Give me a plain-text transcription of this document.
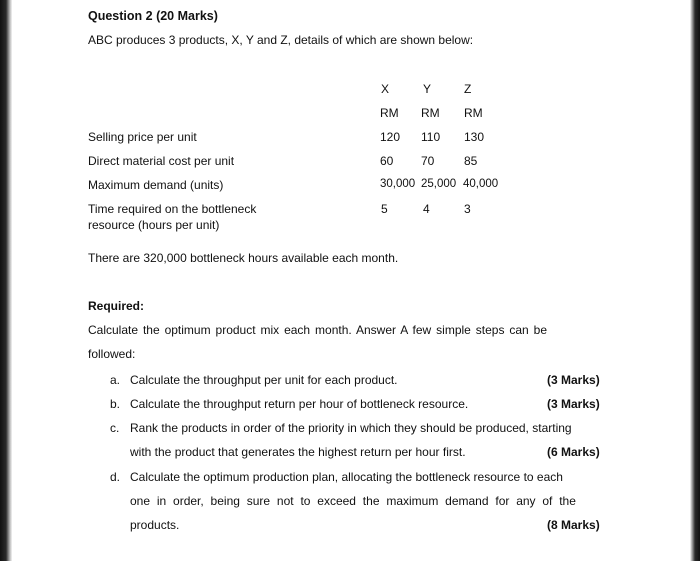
Question 2 (20 Marks)
ABC produces 3 products, X, Y and Z, details of which are shown below:
X	Y	Z
RM RM RM
Selling price per unit	120 110 130
Direct material cost per unit	60 70 85
Maximum demand (units)	30,000 25,000 40,000
Time required on the bottleneck
resource (hours per unit)
5	4	3
There are 320,000 bottleneck hours available each month.
Required:
Calculate the optimum product mix each month. Answer A few simple steps can be
followed:
a. Calculate the throughput per unit for each product.	(3 Marks)
b. Calculate the throughput return per hour of bottleneck resource.	(3 Marks)
c. Rank the products in order of the priority in which they should be produced, starting
with the product that generates the highest return per hour first.	(6 Marks)
d. Calculate the optimum production plan, allocating the bottleneck resource to each
one in order, being sure not to exceed the maximum demand for any of the
products.	(8 Marks)
